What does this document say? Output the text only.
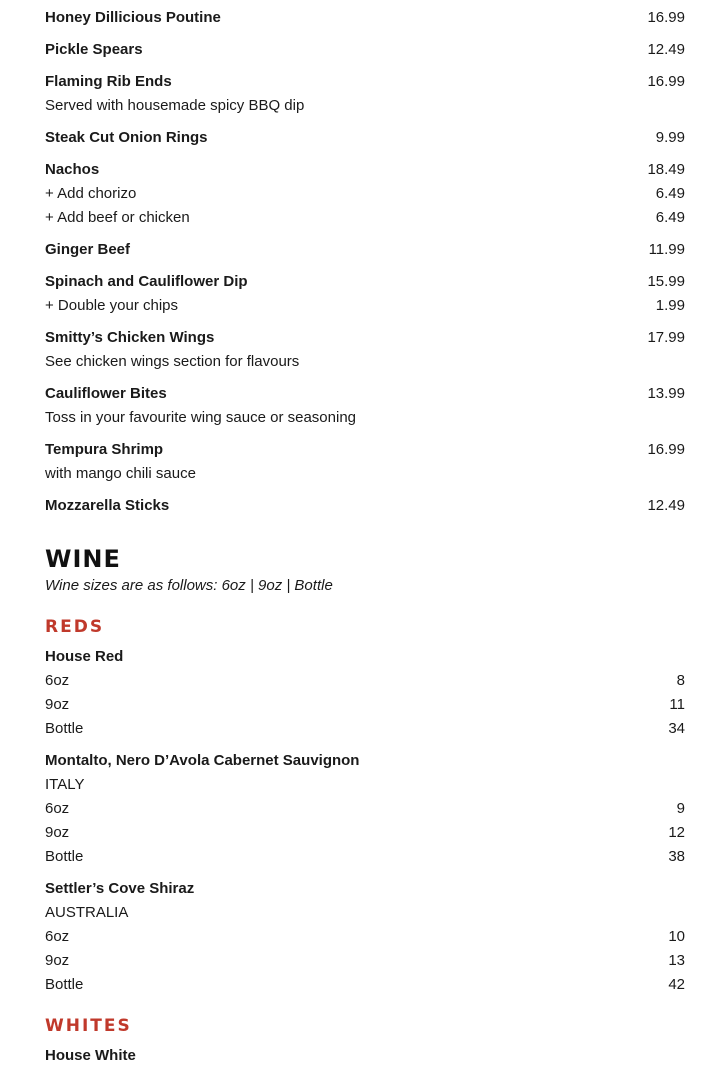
Honey Dillicious Poutine	16.99
Pickle Spears	12.49
Flaming Rib Ends	16.99
Served with housemade spicy BBQ dip
Steak Cut Onion Rings	9.99
Nachos	18.49
+ Add chorizo	6.49
+ Add beef or chicken	6.49
Ginger Beef	11.99
Spinach and Cauliflower Dip	15.99
+ Double your chips	1.99
Smitty’s Chicken Wings	17.99
See chicken wings section for flavours
Cauliflower Bites	13.99
Toss in your favourite wing sauce or seasoning
Tempura Shrimp	16.99
with mango chili sauce
Mozzarella Sticks	12.49
WINE
Wine sizes are as follows: 6oz | 9oz | Bottle
REDS
House Red
6oz	8
9oz	11
Bottle	34
Montalto, Nero D’Avola Cabernet Sauvignon
ITALY
6oz	9
9oz	12
Bottle	38
Settler’s Cove Shiraz
AUSTRALIA
6oz	10
9oz	13
Bottle	42
WHITES
House White
